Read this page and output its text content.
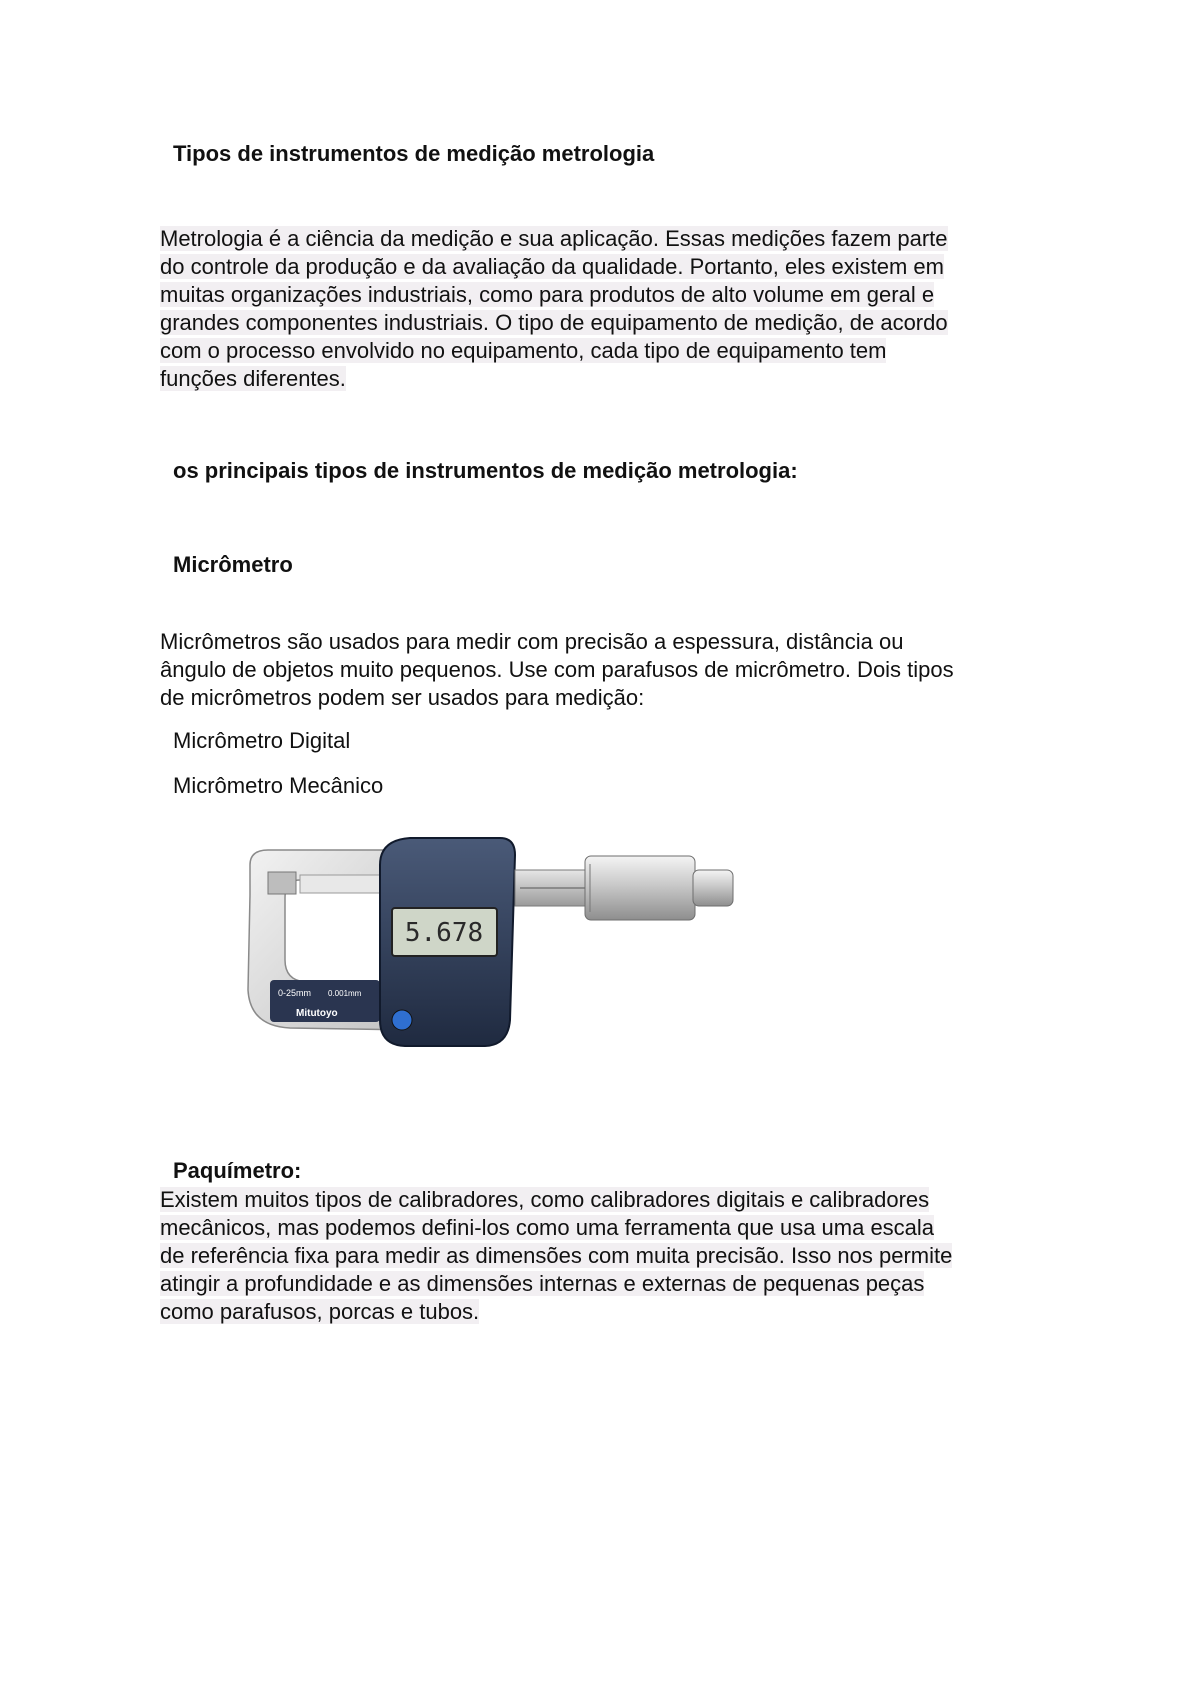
Tipos de instrumentos de medição metrologia
Metrologia é a ciência da medição e sua aplicação. Essas medições fazem parte
do controle da produção e da avaliação da qualidade. Portanto, eles existem em
muitas organizações industriais, como para produtos de alto volume em geral e
grandes componentes industriais. O tipo de equipamento de medição, de acordo
com o processo envolvido no equipamento, cada tipo de equipamento tem
funções diferentes.
os principais tipos de instrumentos de medição metrologia:
Micrômetro
Micrômetros são usados para medir com precisão a espessura, distância ou
ângulo de objetos muito pequenos. Use com parafusos de micrômetro. Dois tipos
de micrômetros podem ser usados para medição:
Micrômetro Digital
Micrômetro Mecânico
0-25mm 0.001mm
Mitutoyo
5.678
Paquímetro:
Existem muitos tipos de calibradores, como calibradores digitais e calibradores
mecânicos, mas podemos defini-los como uma ferramenta que usa uma escala
de referência fixa para medir as dimensões com muita precisão. Isso nos permite
atingir a profundidade e as dimensões internas e externas de pequenas peças
como parafusos, porcas e tubos.
